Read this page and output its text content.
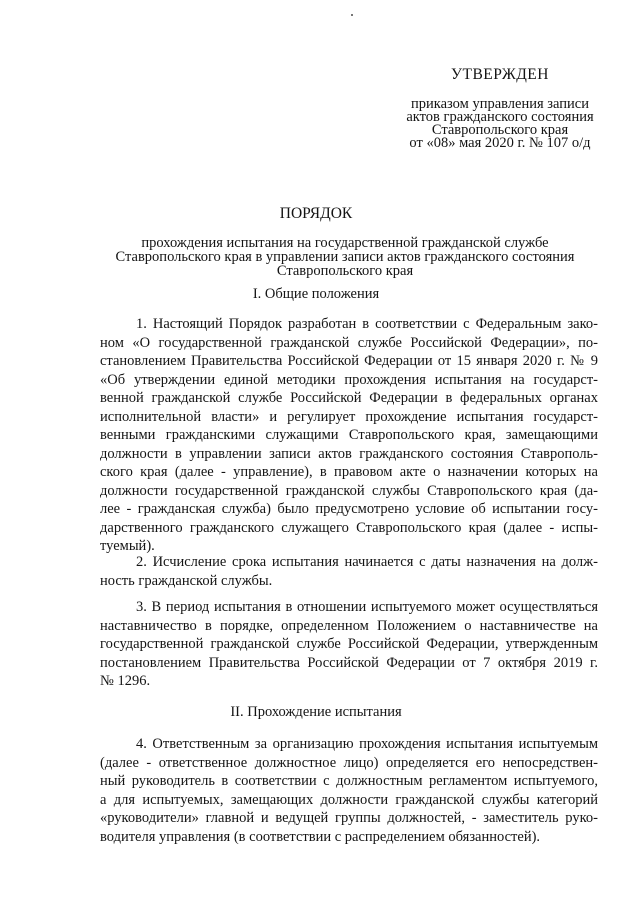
УТВЕРЖДЕН

приказом управления записи

актов гражданского состояния

Ставропольского края

от «08» мая 2020 г. № 107 о/д

ПОРЯДОК

прохождения испытания на государственной гражданской службе
Ставропольского края в управлении записи актов гражданского состояния
Ставропольского края

I. Общие положения

1. Настоящий Порядок разработан в соответствии с Федеральным зако-
ном «О государственной гражданской службе Российской Федерации», по-
становлением Правительства Российской Федерации от 15 января 2020 г. № 9
«Об утверждении единой методики прохождения испытания на государст-
венной гражданской службе Российской Федерации в федеральных органах
исполнительной власти» и регулирует прохождение испытания государст-
венными гражданскими служащими Ставропольского края, замещающими
должности в управлении записи актов гражданского состояния Ставрополь-
ского края (далее - управление), в правовом акте о назначении которых на
должности государственной гражданской службы Ставропольского края (да-
лее - гражданская служба) было предусмотрено условие об испытании госу-
дарственного гражданского служащего Ставропольского края (далее - испы-
туемый).
2. Исчисление срока испытания начинается с даты назначения на долж-
ность гражданской службы.
3. В период испытания в отношении испытуемого может осуществляться
наставничество в порядке, определенном Положением о наставничестве на
государственной гражданской службе Российской Федерации, утвержденным
постановлением Правительства Российской Федерации от 7 октября 2019 г.
№ 1296.

II. Прохождение испытания

4. Ответственным за организацию прохождения испытания испытуемым
(далее - ответственное должностное лицо) определяется его непосредствен-
ный руководитель в соответствии с должностным регламентом испытуемого,
а для испытуемых, замещающих должности гражданской службы категорий
«руководители» главной и ведущей группы должностей, - заместитель руко-
водителя управления (в соответствии с распределением обязанностей).
